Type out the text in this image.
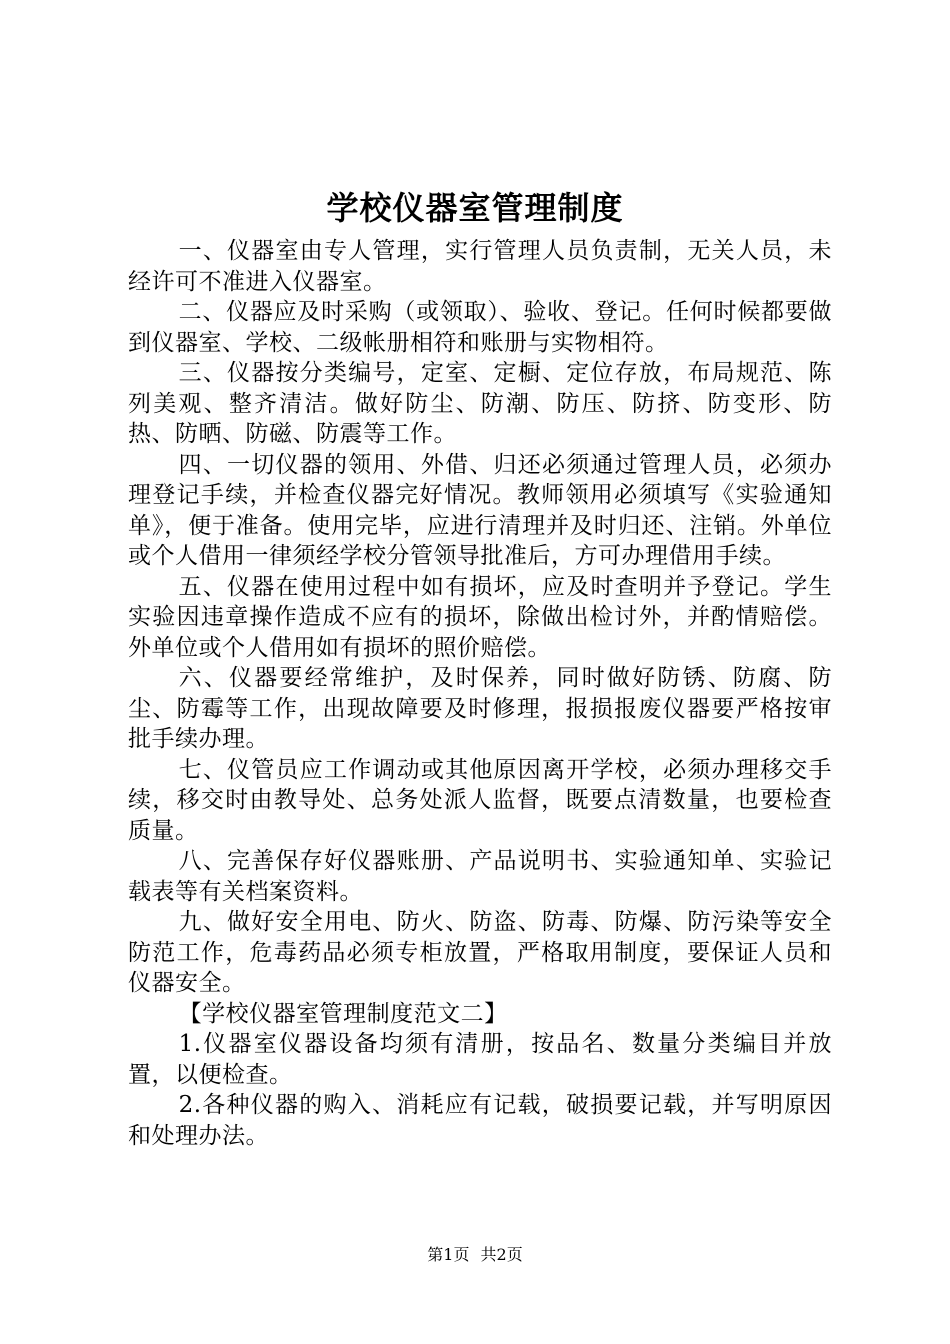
学校仪器室管理制度

一、仪器室由专人管理，实行管理人员负责制，无关人员，未经许可不准进入仪器室。

二、仪器应及时采购（或领取）、验收、登记。任何时候都要做到仪器室、学校、二级帐册相符和账册与实物相符。

三、仪器按分类编号，定室、定橱、定位存放，布局规范、陈列美观、整齐清洁。做好防尘、防潮、防压、防挤、防变形、防热、防晒、防磁、防震等工作。

四、一切仪器的领用、外借、归还必须通过管理人员，必须办理登记手续，并检查仪器完好情况。教师领用必须填写《实验通知单》，便于准备。使用完毕，应进行清理并及时归还、注销。外单位或个人借用一律须经学校分管领导批准后，方可办理借用手续。

五、仪器在使用过程中如有损坏，应及时查明并予登记。学生实验因违章操作造成不应有的损坏，除做出检讨外，并酌情赔偿。外单位或个人借用如有损坏的照价赔偿。

六、仪器要经常维护，及时保养，同时做好防锈、防腐、防尘、防霉等工作，出现故障要及时修理，报损报废仪器要严格按审批手续办理。

七、仪管员应工作调动或其他原因离开学校，必须办理移交手续，移交时由教导处、总务处派人监督，既要点清数量，也要检查质量。

八、完善保存好仪器账册、产品说明书、实验通知单、实验记载表等有关档案资料。

九、做好安全用电、防火、防盗、防毒、防爆、防污染等安全防范工作，危毒药品必须专柜放置，严格取用制度，要保证人员和仪器安全。

【学校仪器室管理制度范文二】

1.仪器室仪器设备均须有清册，按品名、数量分类编目并放置，以便检查。

2.各种仪器的购入、消耗应有记载，破损要记载，并写明原因和处理办法。

第1页 共2页
